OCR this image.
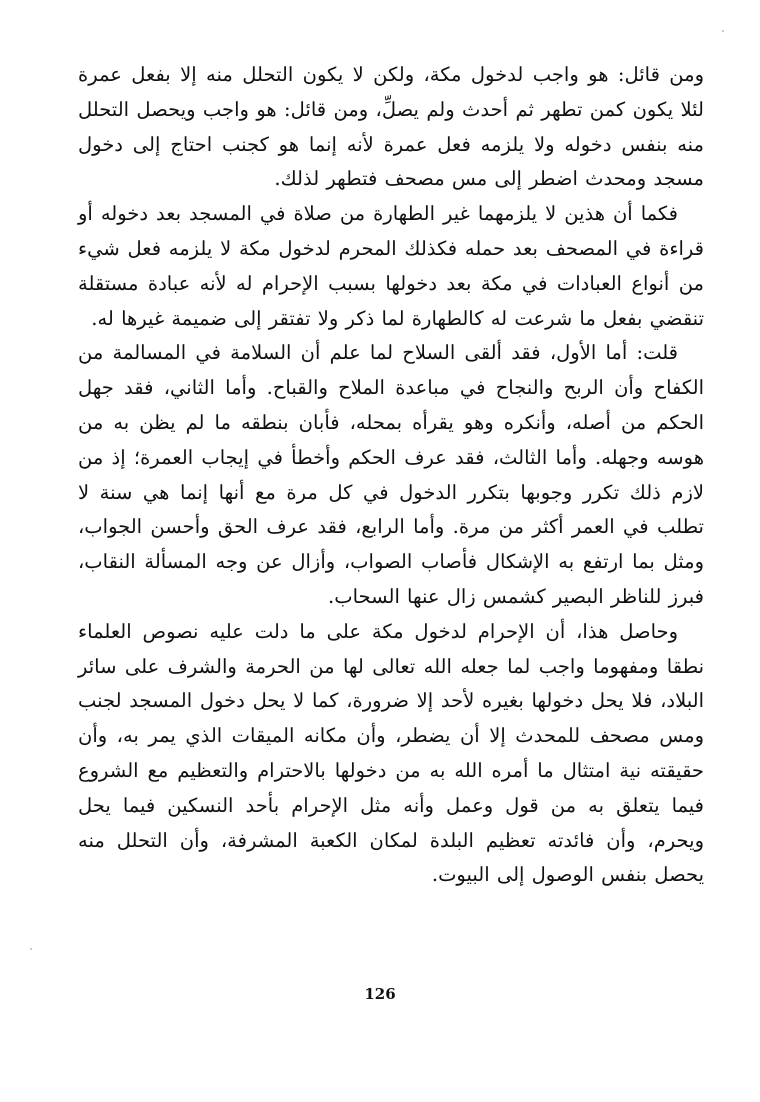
ومن قائل: هو واجب لدخول مكة، ولكن لا يكون التحلل منه إلا بفعل عمرة لئلا يكون كمن تطهر ثم أحدث ولم يصلِّ، ومن قائل: هو واجب ويحصل التحلل منه بنفس دخوله ولا يلزمه فعل عمرة لأنه إنما هو كجنب احتاج إلى دخول مسجد ومحدث اضطر إلى مس مصحف فتطهر لذلك.

فكما أن هذين لا يلزمهما غير الطهارة من صلاة في المسجد بعد دخوله أو قراءة في المصحف بعد حمله فكذلك المحرم لدخول مكة لا يلزمه فعل شيء من أنواع العبادات في مكة بعد دخولها بسبب الإحرام له لأنه عبادة مستقلة تنقضي بفعل ما شرعت له كالطهارة لما ذكر ولا تفتقر إلى ضميمة غيرها له.

قلت: أما الأول، فقد ألقى السلاح لما علم أن السلامة في المسالمة من الكفاح وأن الربح والنجاح في مباعدة الملاح والقباح. وأما الثاني، فقد جهل الحكم من أصله، وأنكره وهو يقرأه بمحله، فأبان بنطقه ما لم يظن به من هوسه وجهله. وأما الثالث، فقد عرف الحكم وأخطأ في إيجاب العمرة؛ إذ من لازم ذلك تكرر وجوبها بتكرر الدخول في كل مرة مع أنها إنما هي سنة لا تطلب في العمر أكثر من مرة. وأما الرابع، فقد عرف الحق وأحسن الجواب، ومثل بما ارتفع به الإشكال فأصاب الصواب، وأزال عن وجه المسألة النقاب، فبرز للناظر البصير كشمس زال عنها السحاب.

وحاصل هذا، أن الإحرام لدخول مكة على ما دلت عليه نصوص العلماء نطقا ومفهوما واجب لما جعله الله تعالى لها من الحرمة والشرف على سائر البلاد، فلا يحل دخولها بغيره لأحد إلا ضرورة، كما لا يحل دخول المسجد لجنب ومس مصحف للمحدث إلا أن يضطر، وأن مكانه الميقات الذي يمر به، وأن حقيقته نية امتثال ما أمره الله به من دخولها بالاحترام والتعظيم مع الشروع فيما يتعلق به من قول وعمل وأنه مثل الإحرام بأحد النسكين فيما يحل ويحرم، وأن فائدته تعظيم البلدة لمكان الكعبة المشرفة، وأن التحلل منه يحصل بنفس الوصول إلى البيوت.

126
